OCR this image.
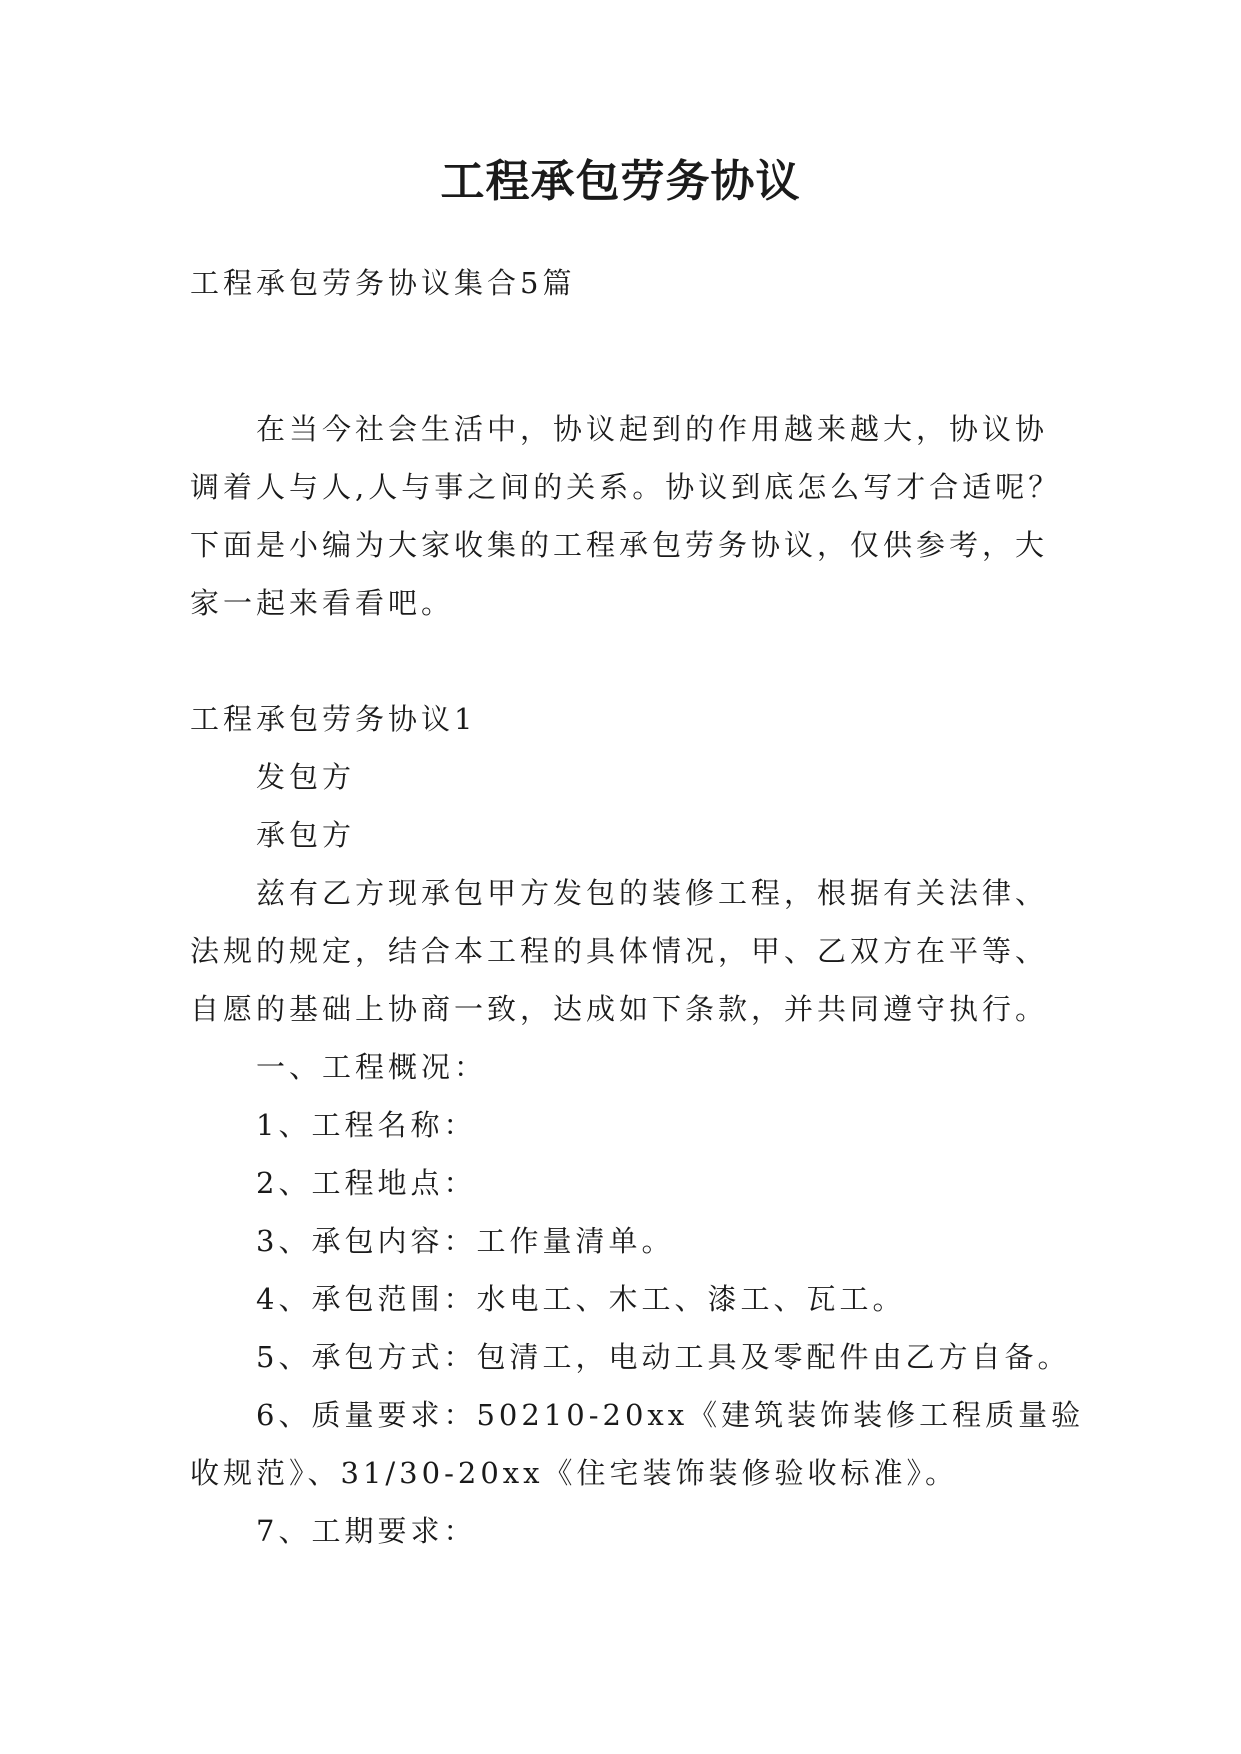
工程承包劳务协议

工程承包劳务协议集合5篇

在当今社会生活中，协议起到的作用越来越大，协议协

调着人与人,人与事之间的关系。协议到底怎么写才合适呢？

下面是小编为大家收集的工程承包劳务协议，仅供参考，大

家一起来看看吧。

工程承包劳务协议1

发包方

承包方

兹有乙方现承包甲方发包的装修工程，根据有关法律、

法规的规定，结合本工程的具体情况，甲、乙双方在平等、

自愿的基础上协商一致，达成如下条款，并共同遵守执行。

一、工程概况：

1、工程名称：

2、工程地点：

3、承包内容：工作量清单。

4、承包范围：水电工、木工、漆工、瓦工。

5、承包方式：包清工，电动工具及零配件由乙方自备。

6、质量要求：50210-20xx《建筑装饰装修工程质量验

收规范》、31/30-20xx《住宅装饰装修验收标准》。

7、工期要求：
